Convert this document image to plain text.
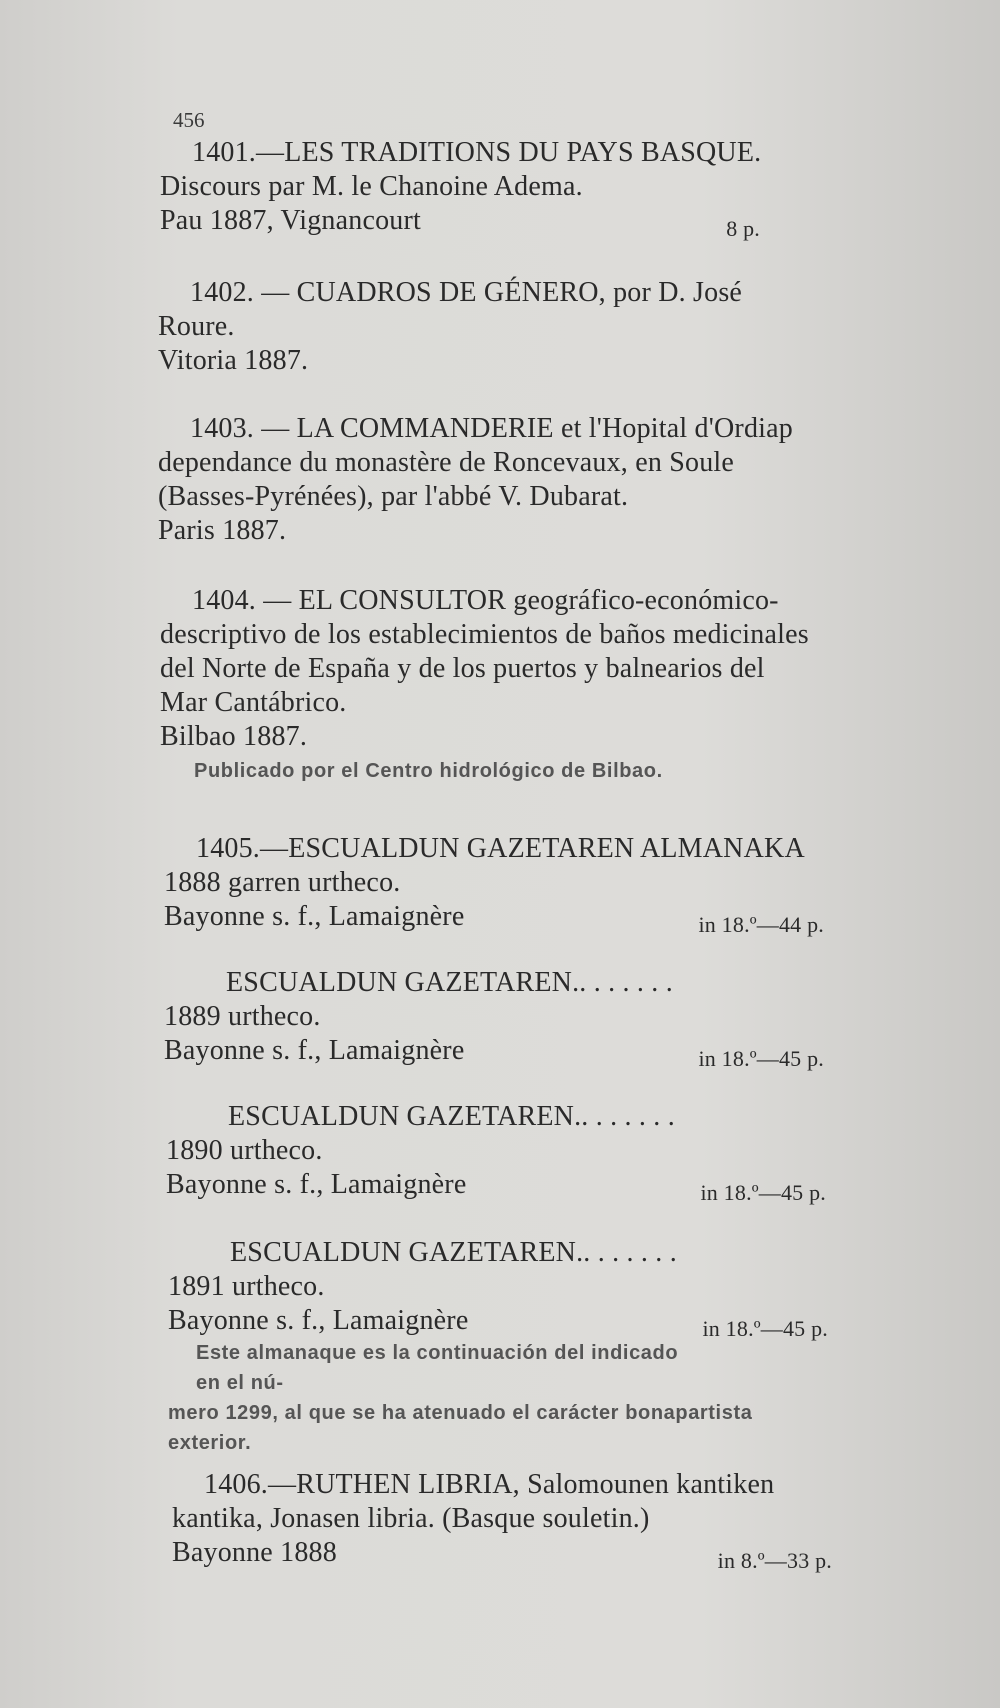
456
1401.—LES TRADITIONS DU PAYS BASQUE.
Discours par M. le Chanoine Adema.
Pau 1887, Vignancourt	8 p.
1402. — CUADROS DE GÉNERO, por D. José
Roure.
Vitoria 1887.
1403. — LA COMMANDERIE et l'Hopital d'Ordiap
dependance du monastère de Roncevaux, en Soule
(Basses-Pyrénées), par l'abbé V. Dubarat.
Paris 1887.
1404. — EL CONSULTOR geográfico-económico-
descriptivo de los establecimientos de baños medicinales
del Norte de España y de los puertos y balnearios del
Mar Cantábrico.
Bilbao 1887.
Publicado por el Centro hidrológico de Bilbao.
1405.—ESCUALDUN GAZETAREN ALMANAKA
1888 garren urtheco.
Bayonne s. f., Lamaignère	in 18.º—44 p.
ESCUALDUN GAZETAREN.. . . . . . .
1889 urtheco.
Bayonne s. f., Lamaignère	in 18.º—45 p.
ESCUALDUN GAZETAREN.. . . . . . .
1890 urtheco.
Bayonne s. f., Lamaignère	in 18.º—45 p.
ESCUALDUN GAZETAREN.. . . . . . .
1891 urtheco.
Bayonne s. f., Lamaignère	in 18.º—45 p.
Este almanaque es la continuación del indicado en el nú-
mero 1299, al que se ha atenuado el carácter bonapartista
exterior.
1406.—RUTHEN LIBRIA, Salomounen kantiken
kantika, Jonasen libria. (Basque souletin.)
Bayonne 1888	in 8.º—33 p.
